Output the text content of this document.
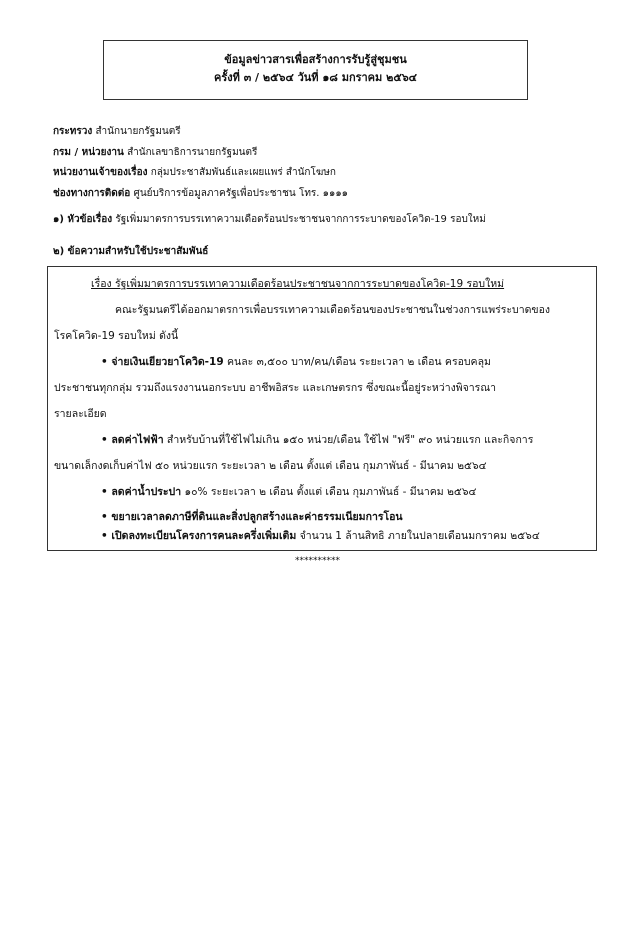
ข้อมูลข่าวสารเพื่อสร้างการรับรู้สู่ชุมชน
ครั้งที่ ๓ / ๒๕๖๔ วันที่ ๑๘ มกราคม ๒๕๖๔
กระทรวง สำนักนายกรัฐมนตรี
กรม / หน่วยงาน สำนักเลขาธิการนายกรัฐมนตรี
หน่วยงานเจ้าของเรื่อง กลุ่มประชาสัมพันธ์และเผยแพร่ สำนักโฆษก
ช่องทางการติดต่อ ศูนย์บริการข้อมูลภาครัฐเพื่อประชาชน โทร. ๑๑๑๑
๑) หัวข้อเรื่อง รัฐเพิ่มมาตรการบรรเทาความเดือดร้อนประชาชนจากการระบาดของโควิด-19 รอบใหม่
๒) ข้อความสำหรับใช้ประชาสัมพันธ์
เรื่อง รัฐเพิ่มมาตรการบรรเทาความเดือดร้อนประชาชนจากการระบาดของโควิด-19 รอบใหม่
คณะรัฐมนตรีได้ออกมาตรการเพื่อบรรเทาความเดือดร้อนของประชาชนในช่วงการแพร่ระบาดของ
โรคโควิด-19 รอบใหม่ ดังนี้
• จ่ายเงินเยียวยาโควิด-19 คนละ ๓,๕๐๐ บาท/คน/เดือน ระยะเวลา ๒ เดือน ครอบคลุม
ประชาชนทุกกลุ่ม รวมถึงแรงงานนอกระบบ อาชีพอิสระ และเกษตรกร ซึ่งขณะนี้อยู่ระหว่างพิจารณา
รายละเอียด
• ลดค่าไฟฟ้า สำหรับบ้านที่ใช้ไฟไม่เกิน ๑๕๐ หน่วย/เดือน ใช้ไฟ "ฟรี" ๙๐ หน่วยแรก และกิจการ
ขนาดเล็กงดเก็บค่าไฟ ๕๐ หน่วยแรก ระยะเวลา ๒ เดือน ตั้งแต่ เดือน กุมภาพันธ์ - มีนาคม ๒๕๖๔
• ลดค่าน้ำประปา ๑๐% ระยะเวลา ๒ เดือน ตั้งแต่ เดือน กุมภาพันธ์ - มีนาคม ๒๕๖๔
• ขยายเวลาลดภาษีที่ดินและสิ่งปลูกสร้างและค่าธรรมเนียมการโอน
• เปิดลงทะเบียนโครงการคนละครึ่งเพิ่มเติม จำนวน 1 ล้านสิทธิ ภายในปลายเดือนมกราคม ๒๕๖๔
**********
